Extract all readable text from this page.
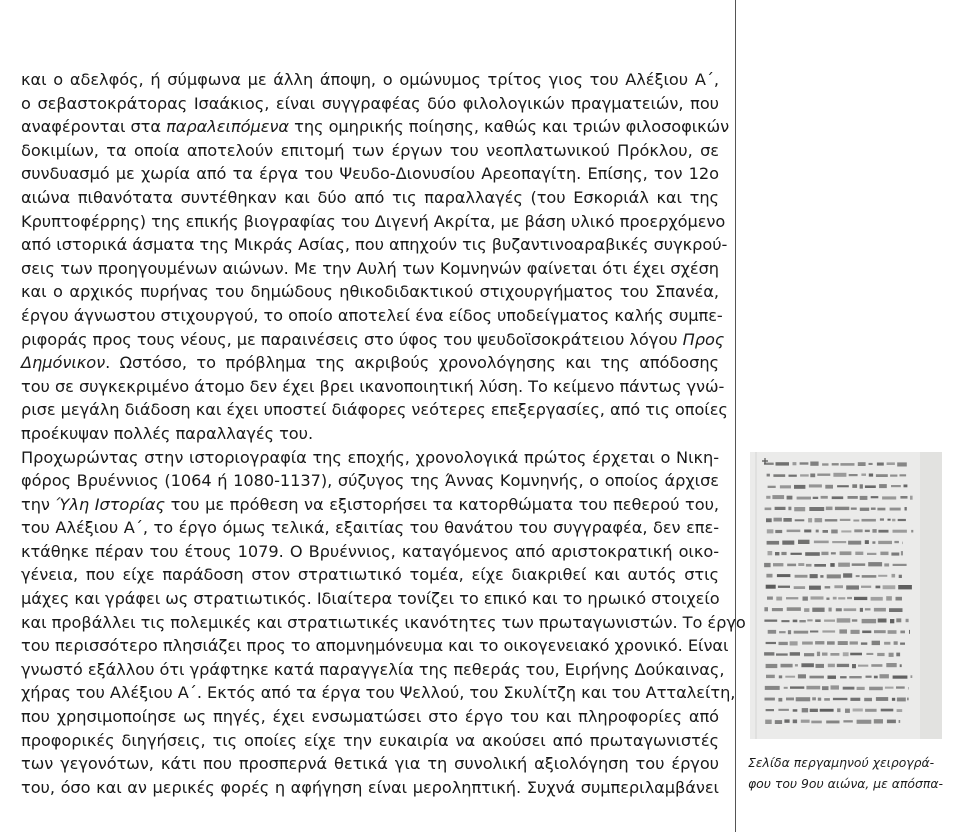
και ο αδελφός, ή σύμφωνα με άλλη άποψη, ο ομώνυμος τρίτος γιος του Αλέξιου Α΄,
ο σεβαστοκράτορας Ισαάκιος, είναι συγγραφέας δύο φιλολογικών πραγματειών, που
αναφέρονται στα παραλειπόμενα της ομηρικής ποίησης, καθώς και τριών φιλοσοφικών
δοκιμίων, τα οποία αποτελούν επιτομή των έργων του νεοπλατωνικού Πρόκλου, σε
συνδυασμό με χωρία από τα έργα του Ψευδο-Διονυσίου Αρεοπαγίτη. Επίσης, τον 12ο
αιώνα πιθανότατα συντέθηκαν και δύο από τις παραλλαγές (του Εσκοριάλ και της
Κρυπτοφέρρης) της επικής βιογραφίας του Διγενή Ακρίτα, με βάση υλικό προερχόμενο
από ιστορικά άσματα της Μικράς Ασίας, που απηχούν τις βυζαντινοαραβικές συγκρού-
σεις των προηγουμένων αιώνων. Με την Αυλή των Κομνηνών φαίνεται ότι έχει σχέση
και ο αρχικός πυρήνας του δημώδους ηθικοδιδακτικού στιχουργήματος του Σπανέα,
έργου άγνωστου στιχουργού, το οποίο αποτελεί ένα είδος υποδείγματος καλής συμπε-
ριφοράς προς τους νέους, με παραινέσεις στο ύφος του ψευδοϊσοκράτειου λόγου Προς
Δημόνικον. Ωστόσο, το πρόβλημα της ακριβούς χρονολόγησης και της απόδοσης
του σε συγκεκριμένο άτομο δεν έχει βρει ικανοποιητική λύση. Το κείμενο πάντως γνώ-
ρισε μεγάλη διάδοση και έχει υποστεί διάφορες νεότερες επεξεργασίες, από τις οποίες
προέκυψαν πολλές παραλλαγές του.
Προχωρώντας στην ιστοριογραφία της εποχής, χρονολογικά πρώτος έρχεται ο Νικη-
φόρος Βρυέννιος (1064 ή 1080-1137), σύζυγος της Άννας Κομνηνής, ο οποίος άρχισε
την Ύλη Ιστορίας του με πρόθεση να εξιστορήσει τα κατορθώματα του πεθερού του,
του Αλέξιου Α΄, το έργο όμως τελικά, εξαιτίας του θανάτου του συγγραφέα, δεν επε-
κτάθηκε πέραν του έτους 1079. Ο Βρυέννιος, καταγόμενος από αριστοκρατική οικο-
γένεια, που είχε παράδοση στον στρατιωτικό τομέα, είχε διακριθεί και αυτός στις
μάχες και γράφει ως στρατιωτικός. Ιδιαίτερα τονίζει το επικό και το ηρωικό στοιχείο
και προβάλλει τις πολεμικές και στρατιωτικές ικανότητες των πρωταγωνιστών. Το έργο
του περισσότερο πλησιάζει προς το απομνημόνευμα και το οικογενειακό χρονικό. Είναι
γνωστό εξάλλου ότι γράφτηκε κατά παραγγελία της πεθεράς του, Ειρήνης Δούκαινας,
χήρας του Αλέξιου Α΄. Εκτός από τα έργα του Ψελλού, του Σκυλίτζη και του Ατταλείτη,
που χρησιμοποίησε ως πηγές, έχει ενσωματώσει στο έργο του και πληροφορίες από
προφορικές διηγήσεις, τις οποίες είχε την ευκαιρία να ακούσει από πρωταγωνιστές
των γεγονότων, κάτι που προσπερνά θετικά για τη συνολική αξιολόγηση του έργου
του, όσο και αν μερικές φορές η αφήγηση είναι μεροληπτική. Συχνά συμπεριλαμβάνει
Σελίδα περγαμηνού χειρογρά-
φου του 9ου αιώνα, με απόσπα-
